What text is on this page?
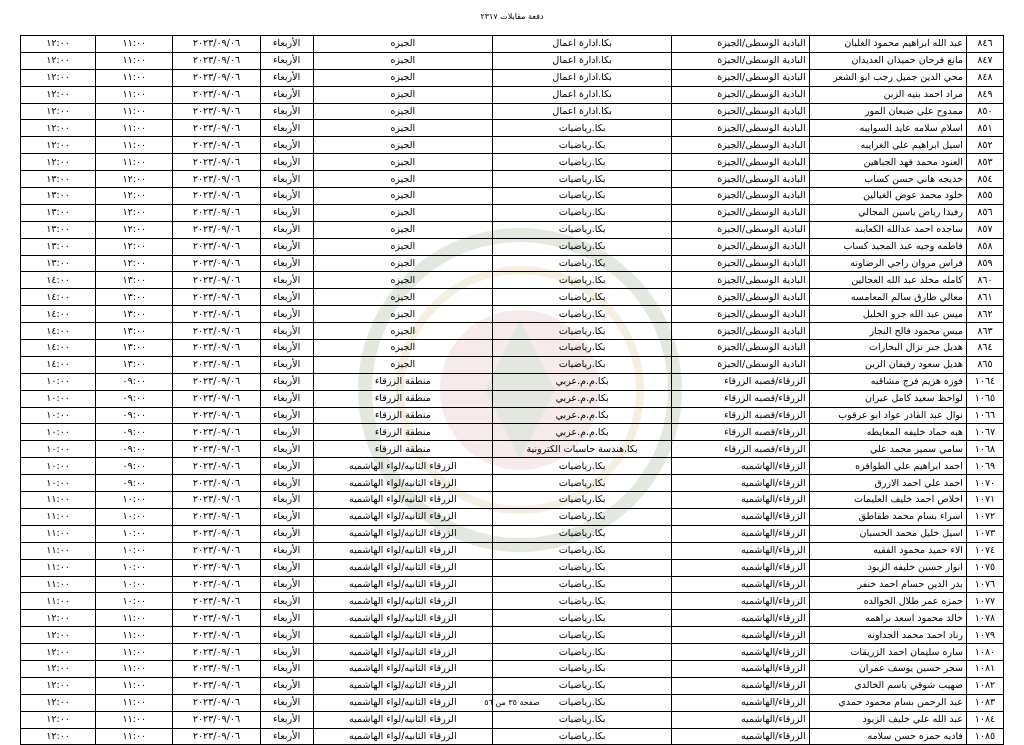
دفعة مقابلات ٢٣١٧
٨٤٦	عبد الله ابراهيم محمود الغلبان	البادية الوسطى/الجيزة	بكا.ادارة اعمال	الجيزه	الأربعاء	٢٠٢٣/٠٩/٠٦	١١:٠٠	١٢:٠٠
٨٤٧	مانع فرحان حميدان العديدان	البادية الوسطى/الجيزة	بكا.ادارة اعمال	الجيزه	الأربعاء	٢٠٢٣/٠٩/٠٦	١١:٠٠	١٢:٠٠
٨٤٨	محي الدين جميل رجب ابو الشعر	البادية الوسطى/الجيزة	بكا.ادارة اعمال	الجيزه	الأربعاء	٢٠٢٣/٠٩/٠٦	١١:٠٠	١٢:٠٠
٨٤٩	مراد احمد بنيه الزبن	البادية الوسطى/الجيزة	بكا.ادارة اعمال	الجيزه	الأربعاء	٢٠٢٣/٠٩/٠٦	١١:٠٠	١٢:٠٠
٨٥٠	ممدوح علي ضبعان المور	البادية الوسطى/الجيزة	بكا.ادارة اعمال	الجيزه	الأربعاء	٢٠٢٣/٠٩/٠٦	١١:٠٠	١٢:٠٠
٨٥١	اسلام سلامه عايد السوايبه	البادية الوسطى/الجيزة	بكا.رياضيات	الجيزه	الأربعاء	٢٠٢٣/٠٩/٠٦	١١:٠٠	١٢:٠٠
٨٥٢	اسيل ابراهيم علي الغرايبه	البادية الوسطى/الجيزة	بكا.رياضيات	الجيزه	الأربعاء	٢٠٢٣/٠٩/٠٦	١١:٠٠	١٢:٠٠
٨٥٣	العنود محمد فهد الجباهين	البادية الوسطى/الجيزة	بكا.رياضيات	الجيزه	الأربعاء	٢٠٢٣/٠٩/٠٦	١١:٠٠	١٢:٠٠
٨٥٤	خديجه هاني حسن كساب	البادية الوسطى/الجيزة	بكا.رياضيات	الجيزه	الأربعاء	٢٠٢٣/٠٩/٠٦	١٢:٠٠	١٣:٠٠
٨٥٥	خلود محمد عوض الغيالين	البادية الوسطى/الجيزة	بكا.رياضيات	الجيزه	الأربعاء	٢٠٢٣/٠٩/٠٦	١٢:٠٠	١٣:٠٠
٨٥٦	رفيدا رياض ياسين المجالي	البادية الوسطى/الجيزة	بكا.رياضيات	الجيزه	الأربعاء	٢٠٢٣/٠٩/٠٦	١٢:٠٠	١٣:٠٠
٨٥٧	ساجده احمد عدالله الكعابنه	البادية الوسطى/الجيزة	بكا.رياضيات	الجيزه	الأربعاء	٢٠٢٣/٠٩/٠٦	١٢:٠٠	١٣:٠٠
٨٥٨	فاطمه وجيه عبد المجيد كساب	البادية الوسطى/الجيزة	بكا.رياضيات	الجيزه	الأربعاء	٢٠٢٣/٠٩/٠٦	١٢:٠٠	١٣:٠٠
٨٥٩	فراس مروان راجي الرضاونه	البادية الوسطى/الجيزة	بكا.رياضيات	الجيزه	الأربعاء	٢٠٢٣/٠٩/٠٦	١٢:٠٠	١٣:٠٠
٨٦٠	كامله مخلد عبد الله العجالين	البادية الوسطى/الجيزة	بكا.رياضيات	الجيزه	الأربعاء	٢٠٢٣/٠٩/٠٦	١٣:٠٠	١٤:٠٠
٨٦١	معالي طارق سالم المعامسه	البادية الوسطى/الجيزة	بكا.رياضيات	الجيزه	الأربعاء	٢٠٢٣/٠٩/٠٦	١٣:٠٠	١٤:٠٠
٨٦٢	ميس عبد الله جرو الخليل	البادية الوسطى/الجيزة	بكا.رياضيات	الجيزه	الأربعاء	٢٠٢٣/٠٩/٠٦	١٣:٠٠	١٤:٠٠
٨٦٣	ميس محمود فالح النجار	البادية الوسطى/الجيزة	بكا.رياضيات	الجيزه	الأربعاء	٢٠٢٣/٠٩/٠٦	١٣:٠٠	١٤:٠٠
٨٦٤	هديل جبر نزال البحارات	البادية الوسطى/الجيزة	بكا.رياضيات	الجيزه	الأربعاء	٢٠٢٣/٠٩/٠٦	١٣:٠٠	١٤:٠٠
٨٦٥	هديل سعود رفيفان الزبن	البادية الوسطى/الجيزة	بكا.رياضيات	الجيزه	الأربعاء	٢٠٢٣/٠٩/٠٦	١٣:٠٠	١٤:٠٠
١٠٦٤	فوزه هزيم فرج مشاقبه	الزرقاء/قصبه الزرقاء	بكا.م.م.عربي	منطقة الزرقاء	الأربعاء	٢٠٢٣/٠٩/٠٦	٠٩:٠٠	١٠:٠٠
١٠٦٥	لواحظ سعيد كامل عيران	الزرقاء/قصبه الزرقاء	بكا.م.م.عربي	منطقة الزرقاء	الأربعاء	٢٠٢٣/٠٩/٠٦	٠٩:٠٠	١٠:٠٠
١٠٦٦	نوال عبد القادر عواد ابو عرقوب	الزرقاء/قصبه الزرقاء	بكا.م.م.عربي	منطقة الزرقاء	الأربعاء	٢٠٢٣/٠٩/٠٦	٠٩:٠٠	١٠:٠٠
١٠٦٧	هبه حماد خليفه المعايطه	الزرقاء/قصبه الزرقاء	بكا.م.م.عربي	منطقة الزرقاء	الأربعاء	٢٠٢٣/٠٩/٠٦	٠٩:٠٠	١٠:٠٠
١٠٦٨	سامي سمير محمد علي	الزرقاء/قصبه الزرقاء	بكا.هندسة حاسبات الكترونية	منطقة الزرقاء	الأربعاء	٢٠٢٣/٠٩/٠٦	٠٩:٠٠	١٠:٠٠
١٠٦٩	احمد ابراهيم علي الطوافره	الزرقاء/الهاشميه	بكا.رياضيات	الزرقاء الثانيه/لواء الهاشميه	الأربعاء	٢٠٢٣/٠٩/٠٦	٠٩:٠٠	١٠:٠٠
١٠٧٠	احمد علي احمد الازرق	الزرقاء/الهاشميه	بكا.رياضيات	الزرقاء الثانيه/لواء الهاشميه	الأربعاء	٢٠٢٣/٠٩/٠٦	٠٩:٠٠	١٠:٠٠
١٠٧١	اخلاص احمد خليف العليمات	الزرقاء/الهاشميه	بكا.رياضيات	الزرقاء الثانيه/لواء الهاشميه	الأربعاء	٢٠٢٣/٠٩/٠٦	١٠:٠٠	١١:٠٠
١٠٧٢	اسراء بسام محمد طقاطق	الزرقاء/الهاشميه	بكا.رياضيات	الزرقاء الثانيه/لواء الهاشميه	الأربعاء	٢٠٢٣/٠٩/٠٦	١٠:٠٠	١١:٠٠
١٠٧٣	اسيل خليل محمد الحسبان	الزرقاء/الهاشميه	بكا.رياضيات	الزرقاء الثانيه/لواء الهاشميه	الأربعاء	٢٠٢٣/٠٩/٠٦	١٠:٠٠	١١:٠٠
١٠٧٤	الاء حميد محمود الفقيه	الزرقاء/الهاشميه	بكا.رياضيات	الزرقاء الثانيه/لواء الهاشميه	الأربعاء	٢٠٢٣/٠٩/٠٦	١٠:٠٠	١١:٠٠
١٠٧٥	انوار حسين خليفه الزيود	الزرقاء/الهاشميه	بكا.رياضيات	الزرقاء الثانيه/لواء الهاشميه	الأربعاء	٢٠٢٣/٠٩/٠٦	١٠:٠٠	١١:٠٠
١٠٧٦	بدر الدين حسام احمد خنفر	الزرقاء/الهاشميه	بكا.رياضيات	الزرقاء الثانيه/لواء الهاشميه	الأربعاء	٢٠٢٣/٠٩/٠٦	١٠:٠٠	١١:٠٠
١٠٧٧	حمزه عمر طلال الخوالده	الزرقاء/الهاشميه	بكا.رياضيات	الزرقاء الثانيه/لواء الهاشميه	الأربعاء	٢٠٢٣/٠٩/٠٦	١٠:٠٠	١١:٠٠
١٠٧٨	خالد محمود اسعد براهمه	الزرقاء/الهاشميه	بكا.رياضيات	الزرقاء الثانيه/لواء الهاشميه	الأربعاء	٢٠٢٣/٠٩/٠٦	١١:٠٠	١٢:٠٠
١٠٧٩	رناد احمد محمد الجداونه	الزرقاء/الهاشميه	بكا.رياضيات	الزرقاء الثانيه/لواء الهاشميه	الأربعاء	٢٠٢٣/٠٩/٠٦	١١:٠٠	١٢:٠٠
١٠٨٠	ساره سليمان احمد الزريقات	الزرقاء/الهاشميه	بكا.رياضيات	الزرقاء الثانيه/لواء الهاشميه	الأربعاء	٢٠٢٣/٠٩/٠٦	١١:٠٠	١٢:٠٠
١٠٨١	سحر حسين يوسف عمران	الزرقاء/الهاشميه	بكا.رياضيات	الزرقاء الثانيه/لواء الهاشميه	الأربعاء	٢٠٢٣/٠٩/٠٦	١١:٠٠	١٢:٠٠
١٠٨٢	صهيب شوقي باسم الخالدي	الزرقاء/الهاشميه	بكا.رياضيات	الزرقاء الثانيه/لواء الهاشميه	الأربعاء	٢٠٢٣/٠٩/٠٦	١١:٠٠	١٢:٠٠
١٠٨٣	عبد الرحمن بسام محمود حمدي	الزرقاء/الهاشميه	بكا.رياضيات	الزرقاء الثانيه/لواء الهاشميه	الأربعاء	٢٠٢٣/٠٩/٠٦	١١:٠٠	١٢:٠٠
١٠٨٤	عبد الله علي خليف الزيود	الزرقاء/الهاشميه	بكا.رياضيات	الزرقاء الثانيه/لواء الهاشميه	الأربعاء	٢٠٢٣/٠٩/٠٦	١١:٠٠	١٢:٠٠
١٠٨٥	فاديه حمزه حسن سلامه	الزرقاء/الهاشميه	بكا.رياضيات	الزرقاء الثانيه/لواء الهاشميه	الأربعاء	٢٠٢٣/٠٩/٠٦	١١:٠٠	١٢:٠٠
صفحة ٣٥ من ٥٦
